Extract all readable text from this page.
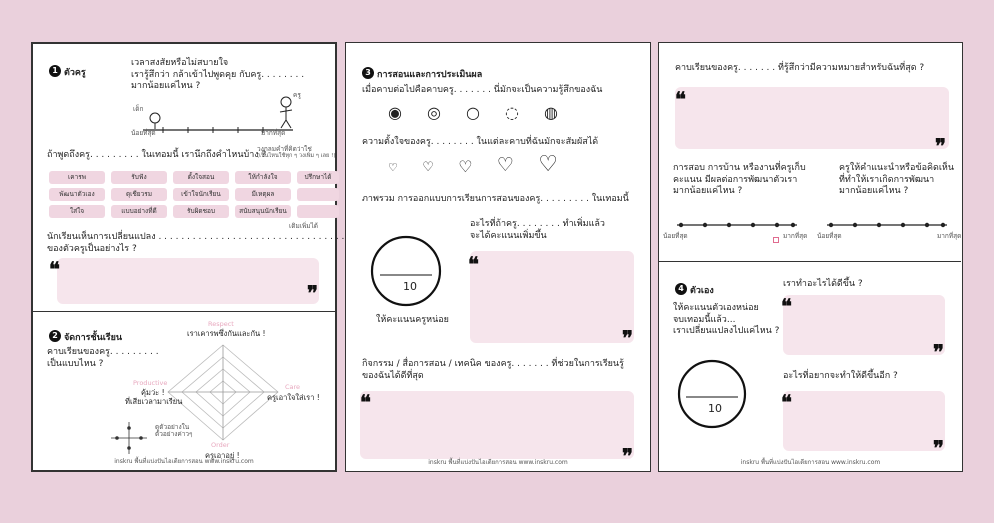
1 ตัวครู
เวลาสงสัยหรือไม่สบายใจ
เรารู้สึกว่า กล้าเข้าไปพูดคุย กับครู. . . . . . . .
มากน้อยแค่ไหน ?
เด็ก
ครู
น้อยที่สุด	มากที่สุด
ถ้าพูดถึงครู. . . . . . . . . ในเทอมนี้ เรานึกถึงคำไหนบ้าง ?
วงกลมคำที่คิดว่าใช่
(เป็นไหนใช้ทุก ๆ วงเพิ่ม ๆ เลย !)
เคารพ	รับฟัง	ตั้งใจสอน	ให้กำลังใจ	ปรึกษาได้
พัฒนาตัวเอง	ดุเชียวรม	เข้าใจนักเรียน	มีเหตุผล
ใส่ใจ	แบบอย่างที่ดี	รับผิดชอบ	สนับสนุนนักเรียน
เติมเพิ่มได้
นักเรียนเห็นการเปลี่ยนแปลง . . . . . . . . . . . . . . . . . . . . . . . . . . . . . . . . .
ของตัวครูเป็นอย่างไร ?
❛❛
❜❜
2 จัดการชั้นเรียน
คาบเรียนของครู. . . . . . . . .
เป็นแบบไหน ?
Respect
เราเคารพซึ่งกันและกัน !
Productive
คุ้มว่ะ !
ที่เสียเวลามาเรียน
Care
ครูเอาใจใส่เรา !
Order
ครูเอาอยู่ !
ดูตัวอย่างใน
ตัวอย่างค่าวๆ
inskru พื้นที่แบ่งปันไอเดียการสอน www.inskru.com
3 การสอนและการประเมินผล
เมื่อคาบต่อไปคือคาบครู. . . . . . . นี่มักจะเป็นความรู้สึกของฉัน
◉ ◎ ○ ◌ ◍
ความตั้งใจของครู. . . . . . . . ในแต่ละคาบที่ฉันมักจะสัมผัสได้
♡ ♡ ♡ ♡ ♡
ภาพรวม การออกแบบการเรียนการสอนของครู. . . . . . . . . ในเทอมนี้
10
ให้คะแนนครูหน่อย
อะไรที่ถ้าครู. . . . . . . . ทำเพิ่มแล้ว
จะได้คะแนนเพิ่มขึ้น
❛❛
❜❜
กิจกรรม / สื่อการสอน / เทคนิค ของครู. . . . . . . ที่ช่วยในการเรียนรู้
ของฉันได้ดีที่สุด
❛❛
❜❜
inskru พื้นที่แบ่งปันไอเดียการสอน www.inskru.com
คาบเรียนของครู. . . . . . . ที่รู้สึกว่ามีความหมายสำหรับฉันที่สุด ?
❛❛
❜❜
การสอบ การบ้าน หรืองานที่ครูเก็บ
คะแนน มีผลต่อการพัฒนาตัวเรา
มากน้อยแค่ไหน ?
ครูให้คำแนะนำหรือข้อคิดเห็น
ที่ทำให้เราเกิดการพัฒนา
มากน้อยแค่ไหน ?
น้อยที่สุด	มากที่สุด น้อยที่สุด	มากที่สุด
4 ตัวเอง
ให้คะแนนตัวเองหน่อย
จบเทอมนี้แล้ว...
เราเปลี่ยนแปลงไปแค่ไหน ?
10
เราทำอะไรได้ดีขึ้น ?
❛❛
❜❜
อะไรที่อยากจะทำให้ดีขึ้นอีก ?
❛❛
❜❜
inskru พื้นที่แบ่งปันไอเดียการสอน www.inskru.com
